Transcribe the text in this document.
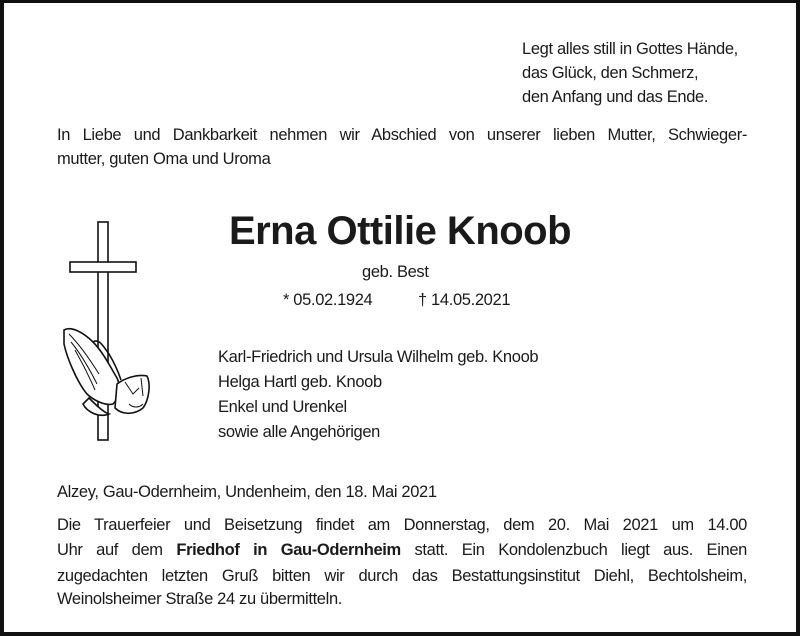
Legt alles still in Gottes Hände,
das Glück, den Schmerz,
den Anfang und das Ende.
In Liebe und Dankbarkeit nehmen wir Abschied von unserer lieben Mutter, Schwieger-
mutter, guten Oma und Uroma
Erna Ottilie Knoob
geb. Best
* 05.02.1924	† 14.05.2021
Karl-Friedrich und Ursula Wilhelm geb. Knoob
Helga Hartl geb. Knoob
Enkel und Urenkel
sowie alle Angehörigen
Alzey, Gau-Odernheim, Undenheim, den 18. Mai 2021
Die Trauerfeier und Beisetzung findet am Donnerstag, dem 20. Mai 2021 um 14.00
Uhr auf dem Friedhof in Gau-Odernheim statt. Ein Kondolenzbuch liegt aus. Einen
zugedachten letzten Gruß bitten wir durch das Bestattungsinstitut Diehl, Bechtolsheim,
Weinolsheimer Straße 24 zu übermitteln.
